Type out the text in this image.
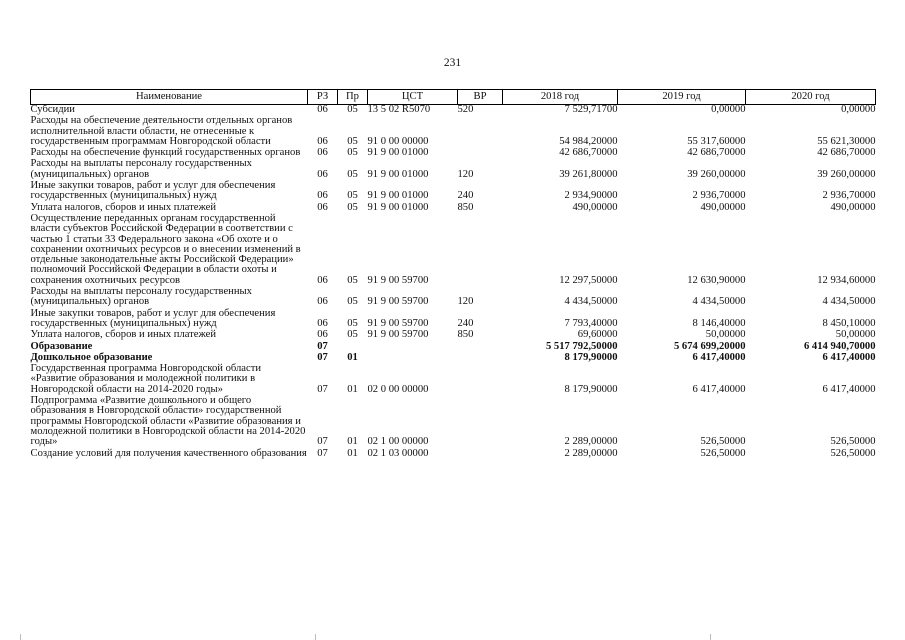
231
Наименование	РЗ	Пр	ЦСТ	ВР	2018 год	2019 год	2020 год
Субсидии	06	05	13 5 02 R5070	520	7 529,71700	0,00000	0,00000
Расходы на обеспечение деятельности отдельных органов исполнительной власти области, не отнесенные к государственным программам Новгородской области	06	05	91 0 00 00000		54 984,20000	55 317,60000	55 621,30000
Расходы на обеспечение функций государственных органов	06	05	91 9 00 01000		42 686,70000	42 686,70000	42 686,70000
Расходы на выплаты персоналу государственных (муниципальных) органов	06	05	91 9 00 01000	120	39 261,80000	39 260,00000	39 260,00000
Иные закупки товаров, работ и услуг для обеспечения государственных (муниципальных) нужд	06	05	91 9 00 01000	240	2 934,90000	2 936,70000	2 936,70000
Уплата налогов, сборов и иных платежей	06	05	91 9 00 01000	850	490,00000	490,00000	490,00000
Осуществление переданных органам государственной власти субъектов Российской Федерации в соответствии с частью 1 статьи 33 Федерального закона «Об охоте и о сохранении охотничьих ресурсов и о внесении изменений в отдельные законодательные акты Российской Федерации» полномочий Российской Федерации в области охоты и сохранения охотничьих ресурсов	06	05	91 9 00 59700		12 297,50000	12 630,90000	12 934,60000
Расходы на выплаты персоналу государственных (муниципальных) органов	06	05	91 9 00 59700	120	4 434,50000	4 434,50000	4 434,50000
Иные закупки товаров, работ и услуг для обеспечения государственных (муниципальных) нужд	06	05	91 9 00 59700	240	7 793,40000	8 146,40000	8 450,10000
Уплата налогов, сборов и иных платежей	06	05	91 9 00 59700	850	69,60000	50,00000	50,00000
Образование	07				5 517 792,50000	5 674 699,20000	6 414 940,70000
Дошкольное образование	07	01			8 179,90000	6 417,40000	6 417,40000
Государственная программа Новгородской области «Развитие образования и молодежной политики в Новгородской области на 2014-2020 годы»	07	01	02 0 00 00000		8 179,90000	6 417,40000	6 417,40000
Подпрограмма «Развитие дошкольного и общего образования в Новгородской области» государственной программы Новгородской области «Развитие образования и молодежной политики в Новгородской области на 2014-2020 годы»	07	01	02 1 00 00000		2 289,00000	526,50000	526,50000
Создание условий для получения качественного образования	07	01	02 1 03 00000		2 289,00000	526,50000	526,50000
